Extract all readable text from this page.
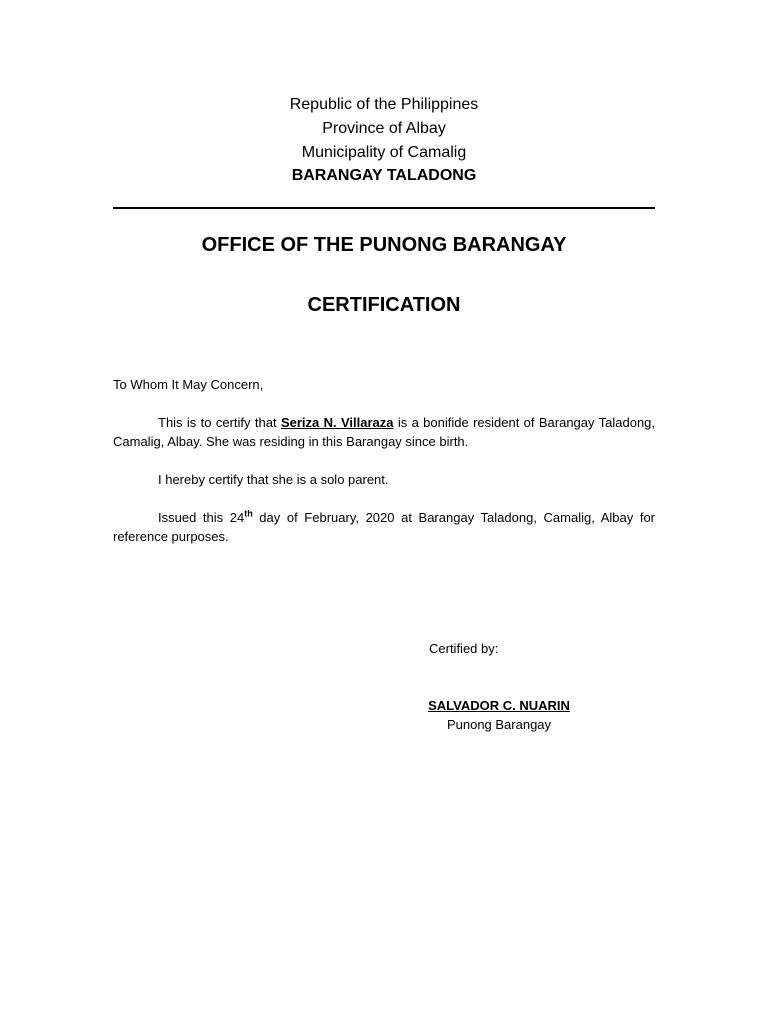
Republic of the Philippines
Province of Albay
Municipality of Camalig
BARANGAY TALADONG
OFFICE OF THE PUNONG BARANGAY
CERTIFICATION
To Whom It May Concern,
This is to certify that Seriza N. Villaraza is a bonifide resident of Barangay Taladong, Camalig, Albay. She was residing in this Barangay since birth.
I hereby certify that she is a solo parent.
Issued this 24th day of February, 2020 at Barangay Taladong, Camalig, Albay for reference purposes.
Certified by:
SALVADOR C. NUARIN
Punong Barangay
